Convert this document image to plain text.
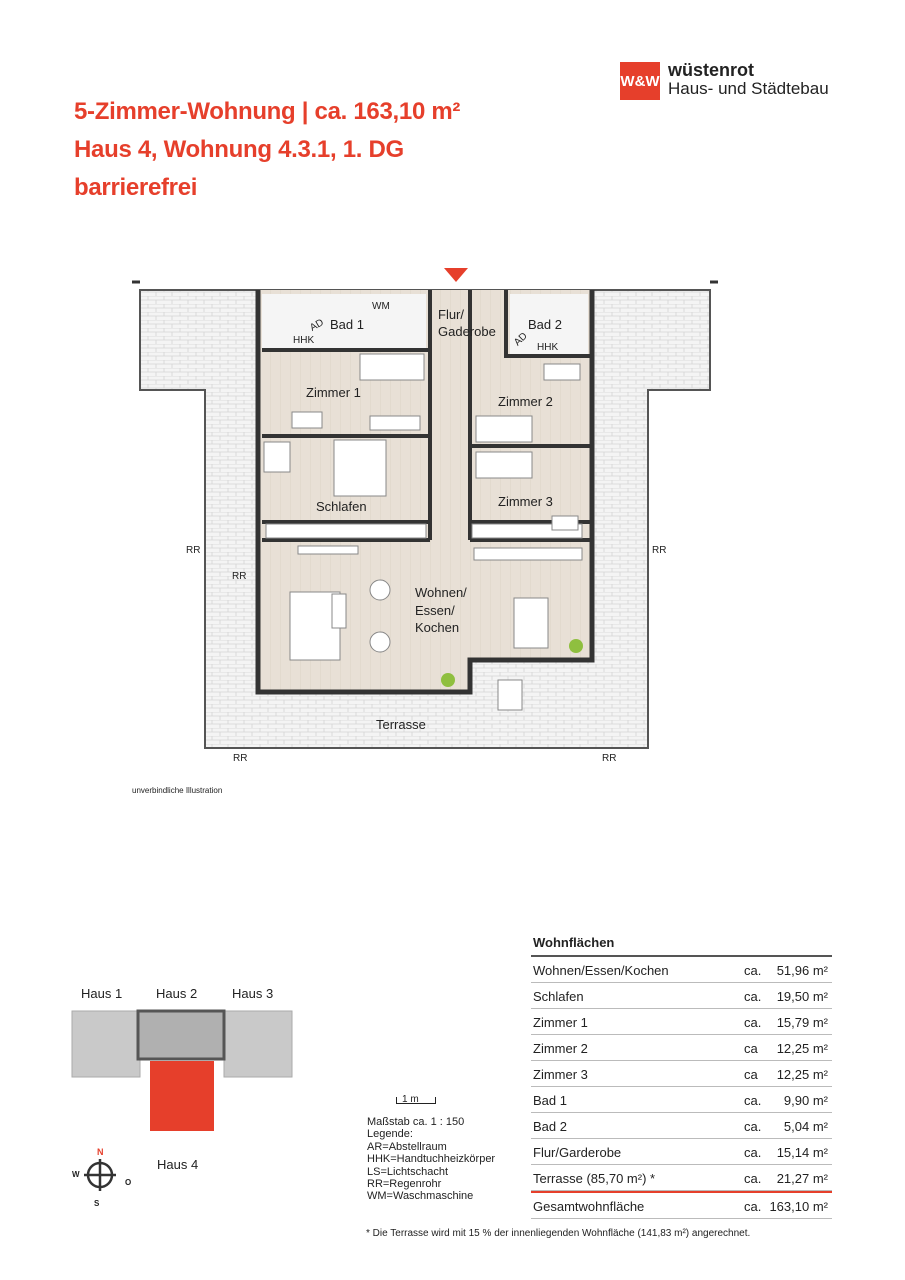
5-Zimmer-Wohnung | ca. 163,10 m²
Haus 4, Wohnung 4.3.1, 1. DG
barrierefrei
W&W
wüstenrot
Haus- und Städtebau
Bad 1
Flur/
Gaderobe Bad 2
Zimmer 1
Zimmer 2
Schlafen	Zimmer 3
Wohnen/
Essen/
Kochen
Terrasse
WM
AD
HHK	AD HHK
RR
RR
RR
RR	RR
unverbindliche Illustration
Haus 1	Haus 2	Haus 3
Haus 4
N
O
S
W
1 m
Maßstab ca. 1 : 150
Legende:
AR=Abstellraum
HHK=Handtuchheizkörper
LS=Lichtschacht
RR=Regenrohr
WM=Waschmaschine
Wohnflächen
Wohnen/Essen/Kochen	ca. 51,96 m²
Schlafen	ca. 19,50 m²
Zimmer 1	ca. 15,79 m²
Zimmer 2	ca 12,25 m²
Zimmer 3	ca 12,25 m²
Bad 1	ca. 9,90 m²
Bad 2	ca. 5,04 m²
Flur/Garderobe	ca. 15,14 m²
Terrasse (85,70 m²) *	ca. 21,27 m²
Gesamtwohnfläche	ca. 163,10 m²
* Die Terrasse wird mit 15 % der innenliegenden Wohnfläche (141,83 m²) angerechnet.
